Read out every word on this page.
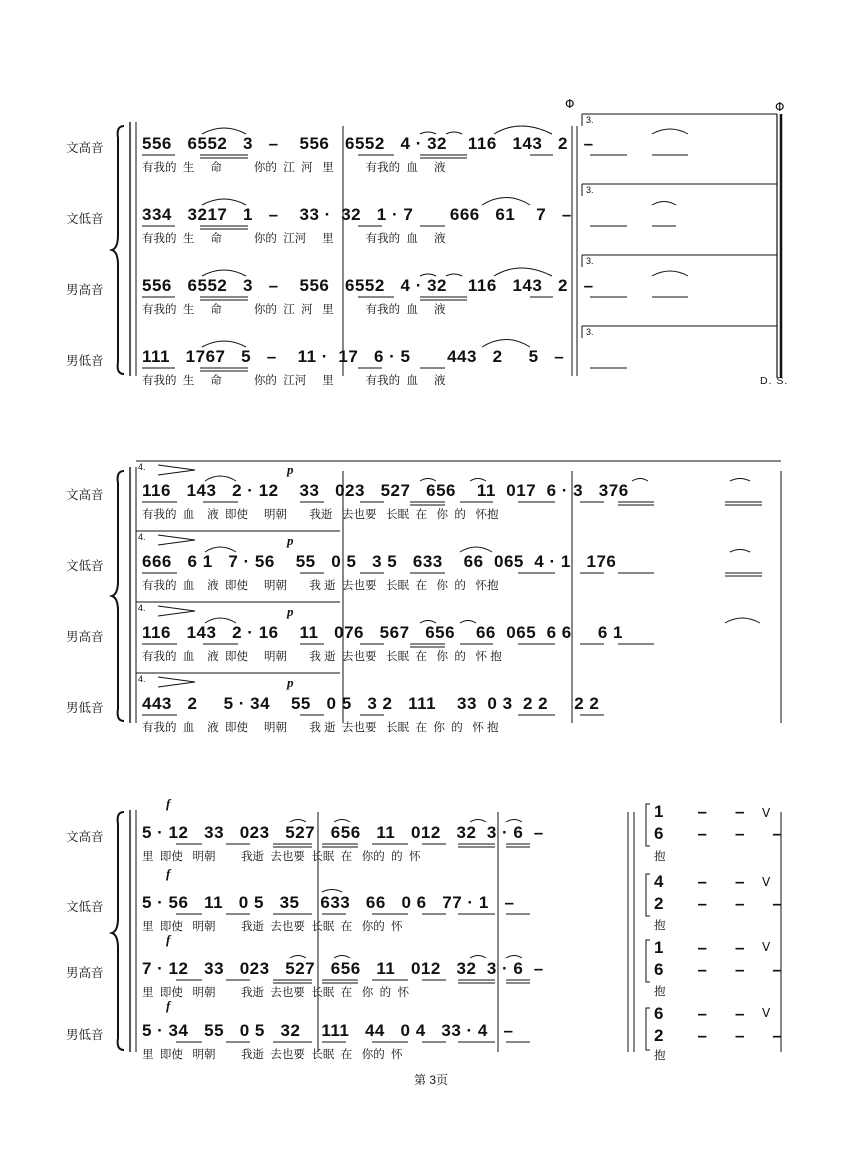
Φ	Φ
文高音	556   6552   3   –    556   6552   4 · 32    116   143   2   –
有我的  生     命          你的  江  河   里          有我的  血     液
3.
文低音	334   3217   1   –    33 ·  32   1 · 7       666   61    7   –
有我的  生     命          你的  江河     里          有我的  血     液
3.
男高音	556   6552   3   –    556   6552   4 · 32    116   143   2   –
有我的  生     命          你的  江  河   里          有我的  血     液
3.
男低音	111   1767   5   –    11 ·  17   6 · 5       443   2     5   –
有我的  生     命          你的  江河     里          有我的  血     液
3.
D. S.
p
p
p
p
文高音	116   143   2 · 12    33   023   527   656    11  017  6 · 3   376
有我的  血    液  即使     明朝       我逝   去也要   长眠  在   你  的   怀抱
4.
文低音	666   6 1   7 · 56    55   0 5   3 5   633    66  065  4 · 1   176
有我的  血    液  即使     明朝       我 逝  去也要   长眠  在   你  的   怀抱
4.
男高音	116   143   2 · 16    11   076   567   656    66  065  6 6     6 1
有我的  血    液  即使     明朝       我 逝  去也要   长眠  在   你  的   怀 抱
4.
男低音	443   2     5 · 34    55   0 5   3 2   111    33  0 3  2 2     2 2
有我的  血    液  即使     明朝       我 逝  去也要   长眠  在  你  的   怀 抱
4.
f
f
f
f
文高音	5 · 12   33   023   527   656   11   012   32  3 · 6  –
里  即使   明朝        我逝  去也要  长眠  在   你的  的  怀
1 – –
6 – – –
抱
V
文低音	5 · 56   11   0 5   35    633   66   0 6   77 · 1   –
里  即使   明朝        我逝  去也要  长眠  在   你的  怀
4 – –
2 – – –
抱
V
男高音	7 · 12   33   023   527   656   11   012   32  3 · 6  –
里  即使   明朝        我逝  去也要  长眠  在   你  的  怀
1 – –
6 – – –
抱
V
男低音	5 · 34   55   0 5   32    111   44   0 4   33 · 4   –
里  即使   明朝        我逝  去也要  长眠  在   你的  怀
6 – –
2 – – –
抱
V
第 3页
